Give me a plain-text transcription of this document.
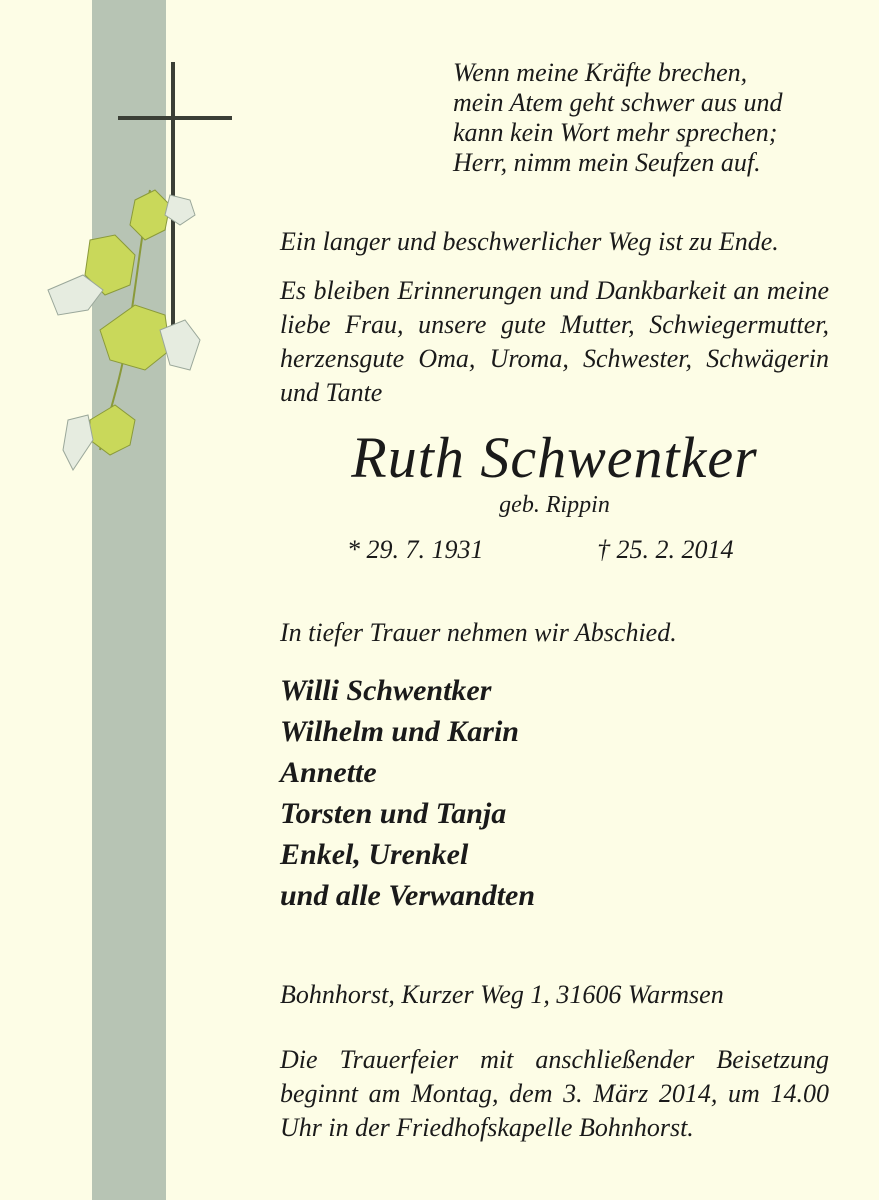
Wenn meine Kräfte brechen,
mein Atem geht schwer aus und
kann kein Wort mehr sprechen;
Herr, nimm mein Seufzen auf.
Ein langer und beschwerlicher Weg ist zu Ende.
Es bleiben Erinnerungen und Dankbarkeit an meine liebe Frau, unsere gute Mutter, Schwiegermutter, herzensgute Oma, Uroma, Schwester, Schwägerin und Tante
Ruth Schwentker
geb. Rippin
* 29. 7. 1931	† 25. 2. 2014
In tiefer Trauer nehmen wir Abschied.
Willi Schwentker
Wilhelm und Karin
Annette
Torsten und Tanja
Enkel, Urenkel
und alle Verwandten
Bohnhorst, Kurzer Weg 1, 31606 Warmsen
Die Trauerfeier mit anschließender Beisetzung beginnt am Montag, dem 3. März 2014, um 14.00 Uhr in der Friedhofskapelle Bohnhorst.
